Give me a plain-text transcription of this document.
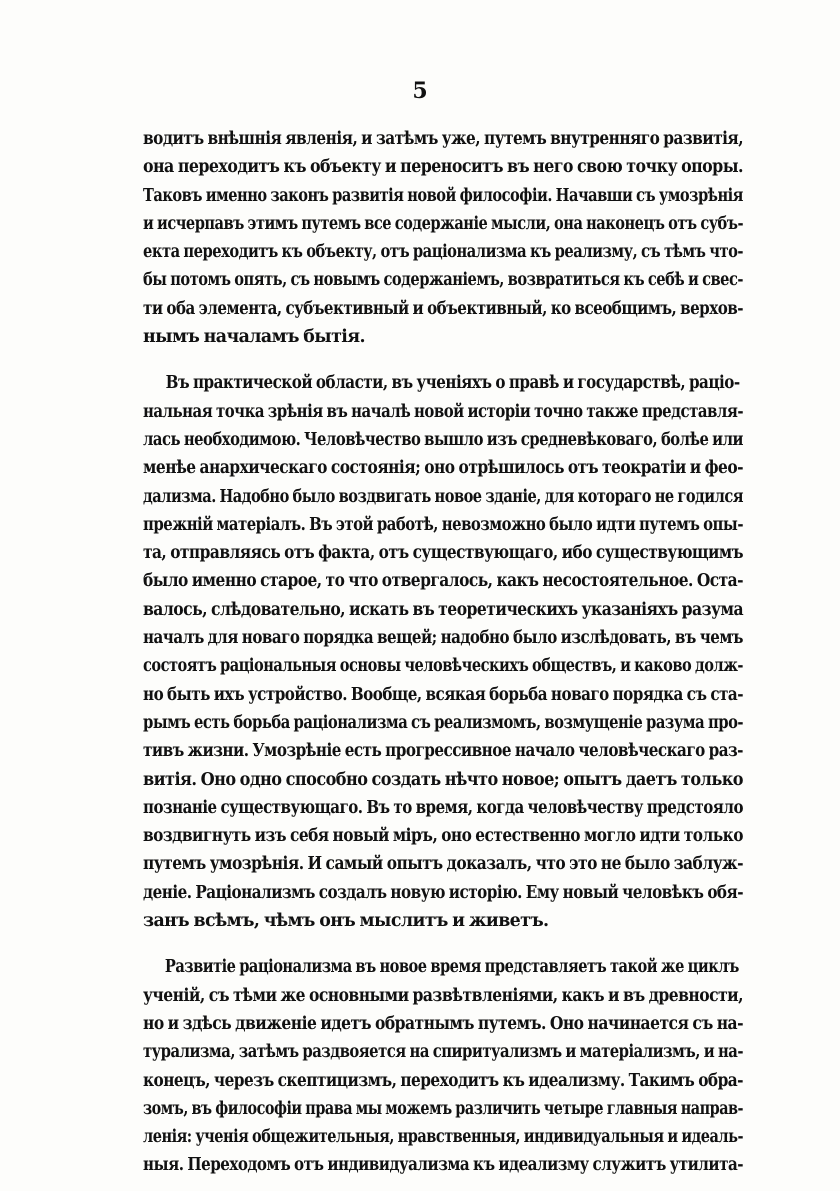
5
водитъ внѣшнія явленія, и затѣмъ уже, путемъ внутренняго развитія,
она переходитъ къ объекту и переноситъ въ него свою точку опоры.
Таковъ именно законъ развитія новой философіи. Начавши съ умозрѣнія
и исчерпавъ этимъ путемъ все содержаніе мысли, она наконецъ отъ субъ-
екта переходитъ къ объекту, отъ раціонализма къ реализму, съ тѣмъ что-
бы потомъ опять, съ новымъ содержаніемъ, возвратиться къ себѣ и свес-
ти оба элемента, субъективный и объективный, ко всеобщимъ, верхов-
нымъ началамъ бытія.
Въ практической области, въ ученіяхъ о правѣ и государствѣ, раціо-
нальная точка зрѣнія въ началѣ новой исторіи точно также представля-
лась необходимою. Человѣчество вышло изъ средневѣковаго, болѣе или
менѣе анархическаго состоянія; оно отрѣшилось отъ теократіи и фео-
дализма. Надобно было воздвигать новое зданіе, для котораго не годился
прежній матеріалъ. Въ этой работѣ, невозможно было идти путемъ опы-
та, отправляясь отъ факта, отъ существующаго, ибо существующимъ
было именно старое, то что отвергалось, какъ несостоятельное. Оста-
валось, слѣдовательно, искать въ теоретическихъ указаніяхъ разума
началъ для новаго порядка вещей; надобно было изслѣдовать, въ чемъ
состоятъ раціональныя основы человѣческихъ обществъ, и каково долж-
но быть ихъ устройство. Вообще, всякая борьба новаго порядка съ ста-
рымъ есть борьба раціонализма съ реализмомъ, возмущеніе разума про-
тивъ жизни. Умозрѣніе есть прогрессивное начало человѣческаго раз-
витія. Оно одно способно создать нѣчто новое; опытъ даетъ только
познаніе существующаго. Въ то время, когда человѣчеству предстояло
воздвигнуть изъ себя новый міръ, оно естественно могло идти только
путемъ умозрѣнія. И самый опытъ доказалъ, что это не было заблуж-
деніе. Раціонализмъ создалъ новую исторію. Ему новый человѣкъ обя-
занъ всѣмъ, чѣмъ онъ мыслитъ и живетъ.
Развитіе раціонализма въ новое время представляетъ такой же циклъ
ученій, съ тѣми же основными развѣтвленіями, какъ и въ древности,
но и здѣсь движеніе идетъ обратнымъ путемъ. Оно начинается съ на-
турализма, затѣмъ раздвояется на спиритуализмъ и матеріализмъ, и на-
конецъ, черезъ скептицизмъ, переходитъ къ идеализму. Такимъ обра-
зомъ, въ философіи права мы можемъ различить четыре главныя направ-
ленія: ученія общежительныя, нравственныя, индивидуальныя и идеаль-
ныя. Переходомъ отъ индивидуализма къ идеализму служитъ утилита-
